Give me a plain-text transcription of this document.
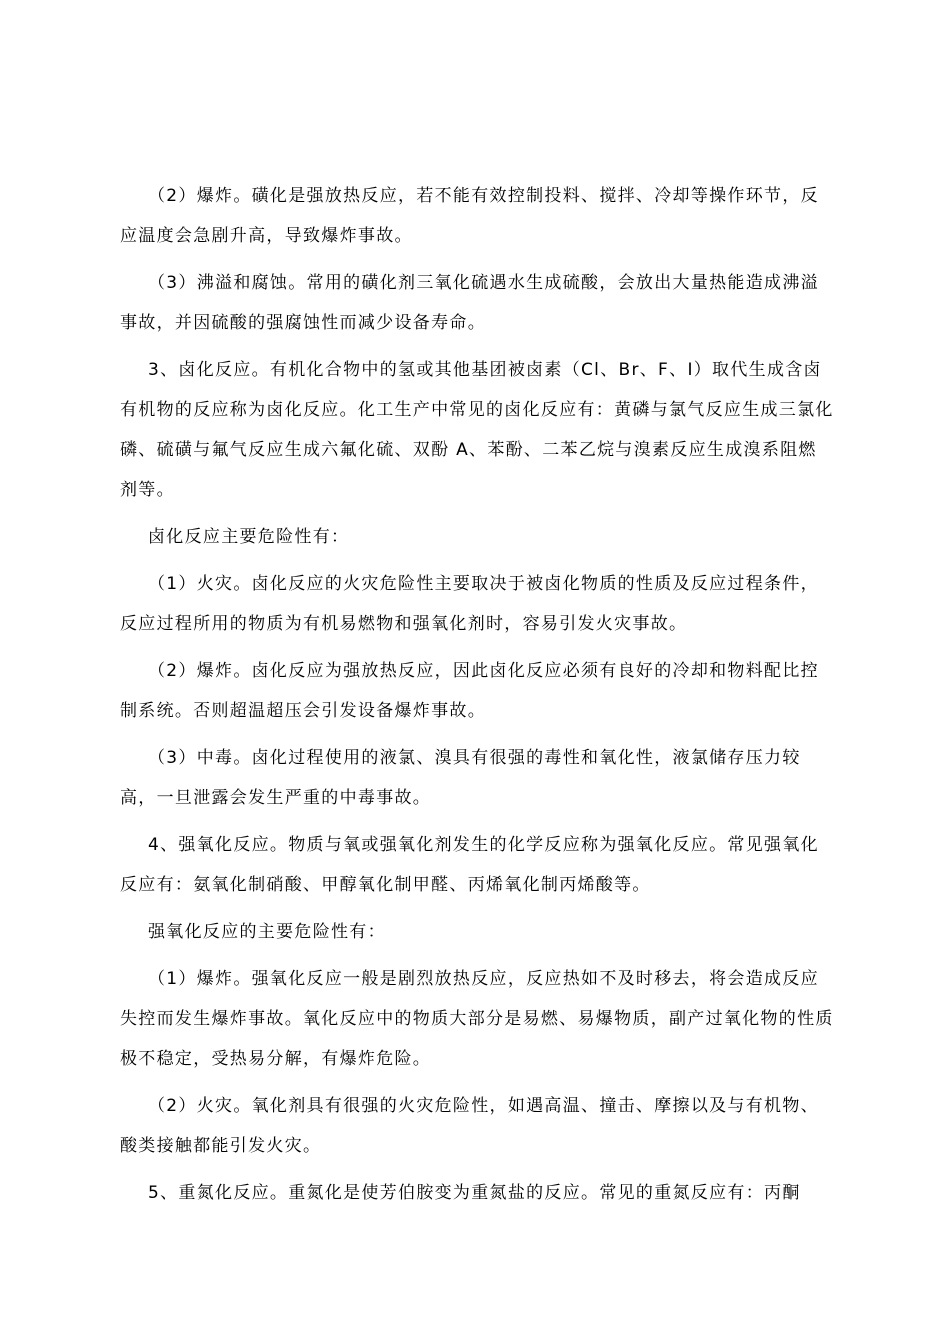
（2）爆炸。磺化是强放热反应，若不能有效控制投料、搅拌、冷却等操作环节，反应温度会急剧升高，导致爆炸事故。

（3）沸溢和腐蚀。常用的磺化剂三氧化硫遇水生成硫酸，会放出大量热能造成沸溢事故，并因硫酸的强腐蚀性而减少设备寿命。

3、卤化反应。有机化合物中的氢或其他基团被卤素（Cl、Br、F、I）取代生成含卤有机物的反应称为卤化反应。化工生产中常见的卤化反应有：黄磷与氯气反应生成三氯化磷、硫磺与氟气反应生成六氟化硫、双酚 A、苯酚、二苯乙烷与溴素反应生成溴系阻燃剂等。

卤化反应主要危险性有：

（1）火灾。卤化反应的火灾危险性主要取决于被卤化物质的性质及反应过程条件，反应过程所用的物质为有机易燃物和强氧化剂时，容易引发火灾事故。

（2）爆炸。卤化反应为强放热反应，因此卤化反应必须有良好的冷却和物料配比控制系统。否则超温超压会引发设备爆炸事故。

（3）中毒。卤化过程使用的液氯、溴具有很强的毒性和氧化性，液氯储存压力较高，一旦泄露会发生严重的中毒事故。

4、强氧化反应。物质与氧或强氧化剂发生的化学反应称为强氧化反应。常见强氧化反应有：氨氧化制硝酸、甲醇氧化制甲醛、丙烯氧化制丙烯酸等。

强氧化反应的主要危险性有：

（1）爆炸。强氧化反应一般是剧烈放热反应，反应热如不及时移去，将会造成反应失控而发生爆炸事故。氧化反应中的物质大部分是易燃、易爆物质，副产过氧化物的性质极不稳定，受热易分解，有爆炸危险。

（2）火灾。氧化剂具有很强的火灾危险性，如遇高温、撞击、摩擦以及与有机物、酸类接触都能引发火灾。

5、重氮化反应。重氮化是使芳伯胺变为重氮盐的反应。常见的重氮反应有：丙酮
